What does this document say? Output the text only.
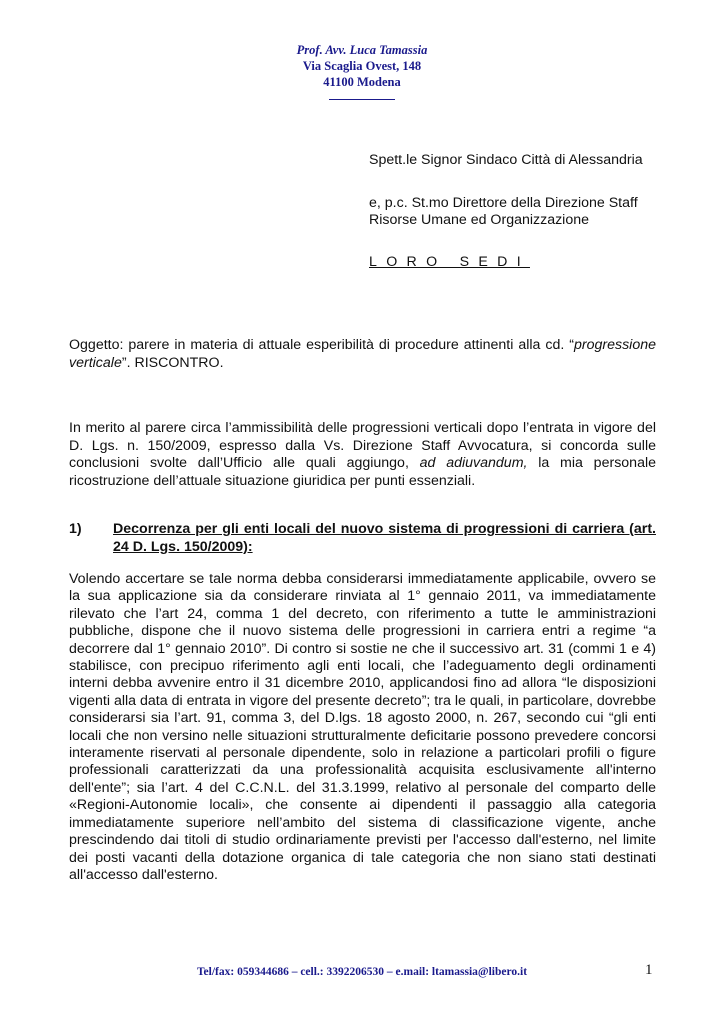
Prof. Avv. Luca Tamassia
Via Scaglia Ovest, 148
41100 Modena

Spett.le Signor Sindaco Città di Alessandria

e, p.c. St.mo Direttore della Direzione Staff Risorse Umane ed Organizzazione

LORO SEDI

Oggetto: parere in materia di attuale esperibilità di procedure attinenti alla cd. “progressione verticale”. RISCONTRO.

In merito al parere circa l’ammissibilità delle progressioni verticali dopo l’entrata in vigore del D. Lgs. n. 150/2009, espresso dalla Vs. Direzione Staff Avvocatura, si concorda sulle conclusioni svolte dall’Ufficio alle quali aggiungo, ad adiuvandum, la mia personale ricostruzione dell’attuale situazione giuridica per punti essenziali.

1) Decorrenza per gli enti locali del nuovo sistema di progressioni di carriera (art. 24 D. Lgs. 150/2009):

Volendo accertare se tale norma debba considerarsi immediatamente applicabile, ovvero se la sua applicazione sia da considerare rinviata al 1° gennaio 2011, va immediatamente rilevato che l’art 24, comma 1 del decreto, con riferimento a tutte le amministrazioni pubbliche, dispone che il nuovo sistema delle progressioni in carriera entri a regime “a decorrere dal 1° gennaio 2010”. Di contro si sostie ne che il successivo art. 31 (commi 1 e 4) stabilisce, con precipuo riferimento agli enti locali, che l’adeguamento degli ordinamenti interni debba avvenire entro il 31 dicembre 2010, applicandosi fino ad allora “le disposizioni vigenti alla data di entrata in vigore del presente decreto”; tra le quali, in particolare, dovrebbe considerarsi sia l’art. 91, comma 3, del D.lgs. 18 agosto 2000, n. 267, secondo cui “gli enti locali che non versino nelle situazioni strutturalmente deficitarie possono prevedere concorsi interamente riservati al personale dipendente, solo in relazione a particolari profili o figure professionali caratterizzati da una professionalità acquisita esclusivamente all'interno dell'ente”; sia l’art. 4 del C.C.N.L. del 31.3.1999, relativo al personale del comparto delle «Regioni-Autonomie locali», che consente ai dipendenti il passaggio alla categoria immediatamente superiore nell’ambito del sistema di classificazione vigente, anche prescindendo dai titoli di studio ordinariamente previsti per l'accesso dall'esterno, nel limite dei posti vacanti della dotazione organica di tale categoria che non siano stati destinati all'accesso dall'esterno.

Tel/fax: 059344686 – cell.: 3392206530 – e.mail: ltamassia@libero.it	1
